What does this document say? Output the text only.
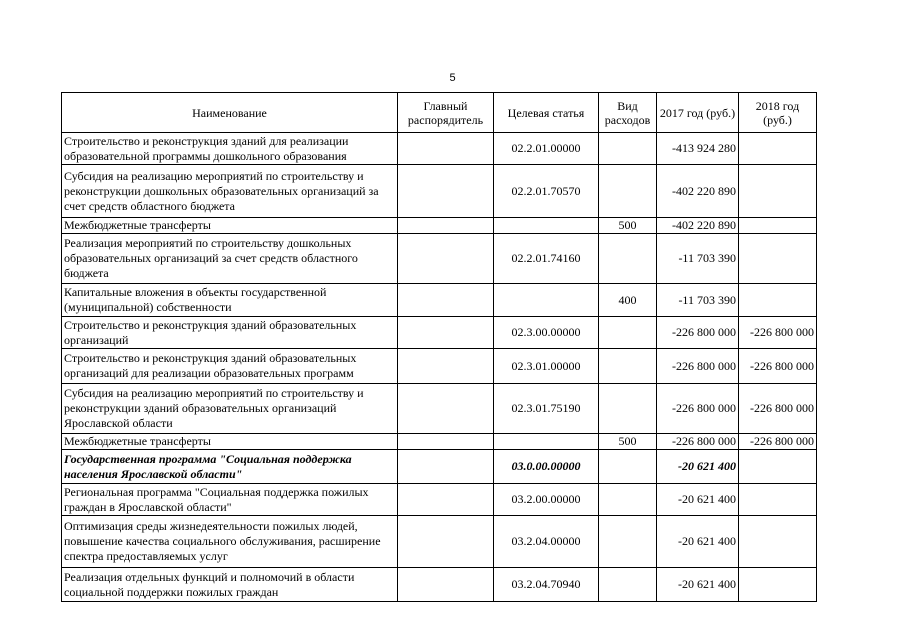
5
Наименование	Главный распорядитель	Целевая статья	Вид расходов	2017 год (руб.)	2018 год (руб.)
Строительство и реконструкция зданий для реализации образовательной программы дошкольного образования		02.2.01.00000		-413 924 280	
Субсидия на реализацию мероприятий по строительству и реконструкции дошкольных образовательных организаций за счет средств областного бюджета		02.2.01.70570		-402 220 890	
Межбюджетные трансферты			500	-402 220 890	
Реализация мероприятий по строительству дошкольных образовательных организаций за счет средств областного бюджета		02.2.01.74160		-11 703 390	
Капитальные вложения в объекты государственной (муниципальной) собственности			400	-11 703 390	
Строительство и реконструкция зданий образовательных организаций		02.3.00.00000		-226 800 000	-226 800 000
Строительство и реконструкция зданий образовательных организаций для реализации образовательных программ		02.3.01.00000		-226 800 000	-226 800 000
Субсидия на реализацию мероприятий по строительству и реконструкции зданий образовательных организаций Ярославской области		02.3.01.75190		-226 800 000	-226 800 000
Межбюджетные трансферты			500	-226 800 000	-226 800 000
Государственная программа "Социальная поддержка населения Ярославской области"		03.0.00.00000		-20 621 400	
Региональная программа "Социальная поддержка пожилых граждан в Ярославской области"		03.2.00.00000		-20 621 400	
Оптимизация среды жизнедеятельности пожилых людей, повышение качества социального обслуживания, расширение спектра предоставляемых услуг		03.2.04.00000		-20 621 400	
Реализация отдельных функций и полномочий в области социальной поддержки пожилых граждан		03.2.04.70940		-20 621 400	
